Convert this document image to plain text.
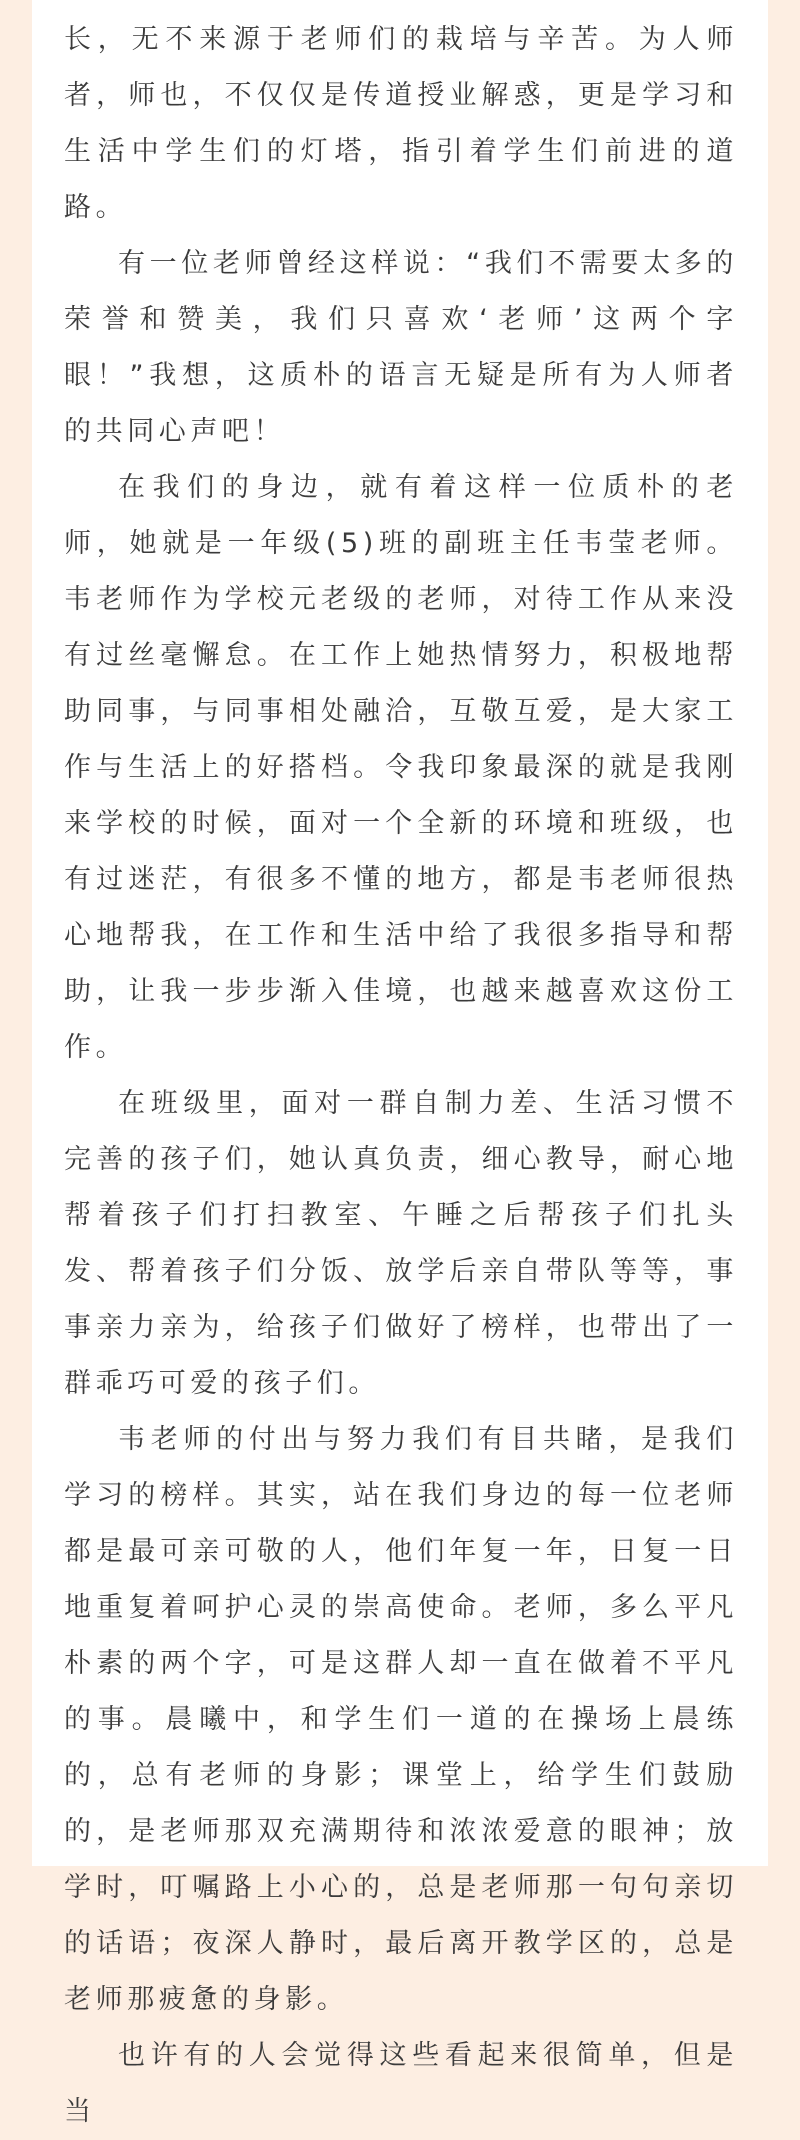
长，无不来源于老师们的栽培与辛苦。为人师者，师也，不仅仅是传道授业解惑，更是学习和生活中学生们的灯塔，指引着学生们前进的道路。

有一位老师曾经这样说：“我们不需要太多的荣誉和赞美，我们只喜欢‘老师’这两个字眼！”我想，这质朴的语言无疑是所有为人师者的共同心声吧！

在我们的身边，就有着这样一位质朴的老师，她就是一年级(5)班的副班主任韦莹老师。韦老师作为学校元老级的老师，对待工作从来没有过丝毫懈怠。在工作上她热情努力，积极地帮助同事，与同事相处融洽，互敬互爱，是大家工作与生活上的好搭档。令我印象最深的就是我刚来学校的时候，面对一个全新的环境和班级，也有过迷茫，有很多不懂的地方，都是韦老师很热心地帮我，在工作和生活中给了我很多指导和帮助，让我一步步渐入佳境，也越来越喜欢这份工作。

在班级里，面对一群自制力差、生活习惯不完善的孩子们，她认真负责，细心教导，耐心地帮着孩子们打扫教室、午睡之后帮孩子们扎头发、帮着孩子们分饭、放学后亲自带队等等，事事亲力亲为，给孩子们做好了榜样，也带出了一群乖巧可爱的孩子们。

韦老师的付出与努力我们有目共睹，是我们学习的榜样。其实，站在我们身边的每一位老师都是最可亲可敬的人，他们年复一年，日复一日地重复着呵护心灵的崇高使命。老师，多么平凡朴素的两个字，可是这群人却一直在做着不平凡的事。晨曦中，和学生们一道的在操场上晨练的，总有老师的身影；课堂上，给学生们鼓励的，是老师那双充满期待和浓浓爱意的眼神；放学时，叮嘱路上小心的，总是老师那一句句亲切的话语；夜深人静时，最后离开教学区的，总是老师那疲惫的身影。

也许有的人会觉得这些看起来很简单，但是当
